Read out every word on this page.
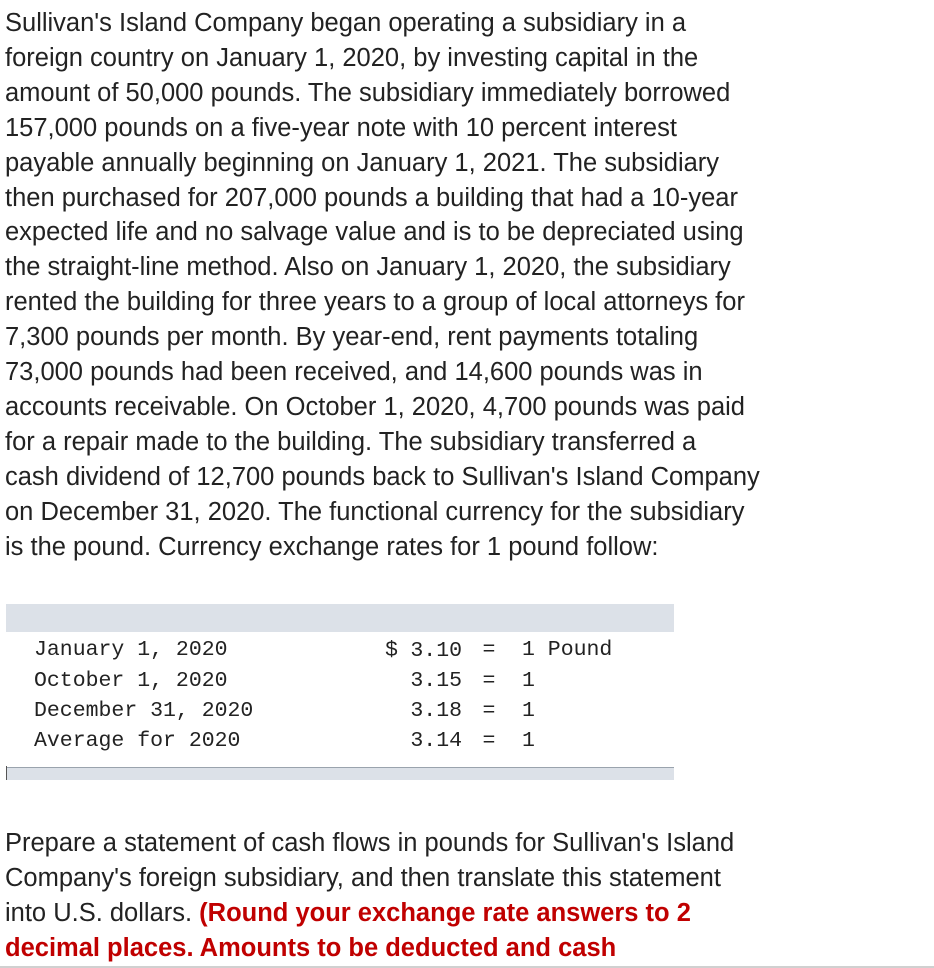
Sullivan's Island Company began operating a subsidiary in a
foreign country on January 1, 2020, by investing capital in the
amount of 50,000 pounds. The subsidiary immediately borrowed
157,000 pounds on a five-year note with 10 percent interest
payable annually beginning on January 1, 2021. The subsidiary
then purchased for 207,000 pounds a building that had a 10-year
expected life and no salvage value and is to be depreciated using
the straight-line method. Also on January 1, 2020, the subsidiary
rented the building for three years to a group of local attorneys for
7,300 pounds per month. By year-end, rent payments totaling
73,000 pounds had been received, and 14,600 pounds was in
accounts receivable. On October 1, 2020, 4,700 pounds was paid
for a repair made to the building. The subsidiary transferred a
cash dividend of 12,700 pounds back to Sullivan's Island Company
on December 31, 2020. The functional currency for the subsidiary
is the pound. Currency exchange rates for 1 pound follow:
January 1, 2020	$ 3.10	=	1 Pound
October 1, 2020	3.15	=	1
December 31, 2020	3.18	=	1
Average for 2020	3.14	=	1
Prepare a statement of cash flows in pounds for Sullivan's Island
Company's foreign subsidiary, and then translate this statement
into U.S. dollars. (Round your exchange rate answers to 2
decimal places. Amounts to be deducted and cash
